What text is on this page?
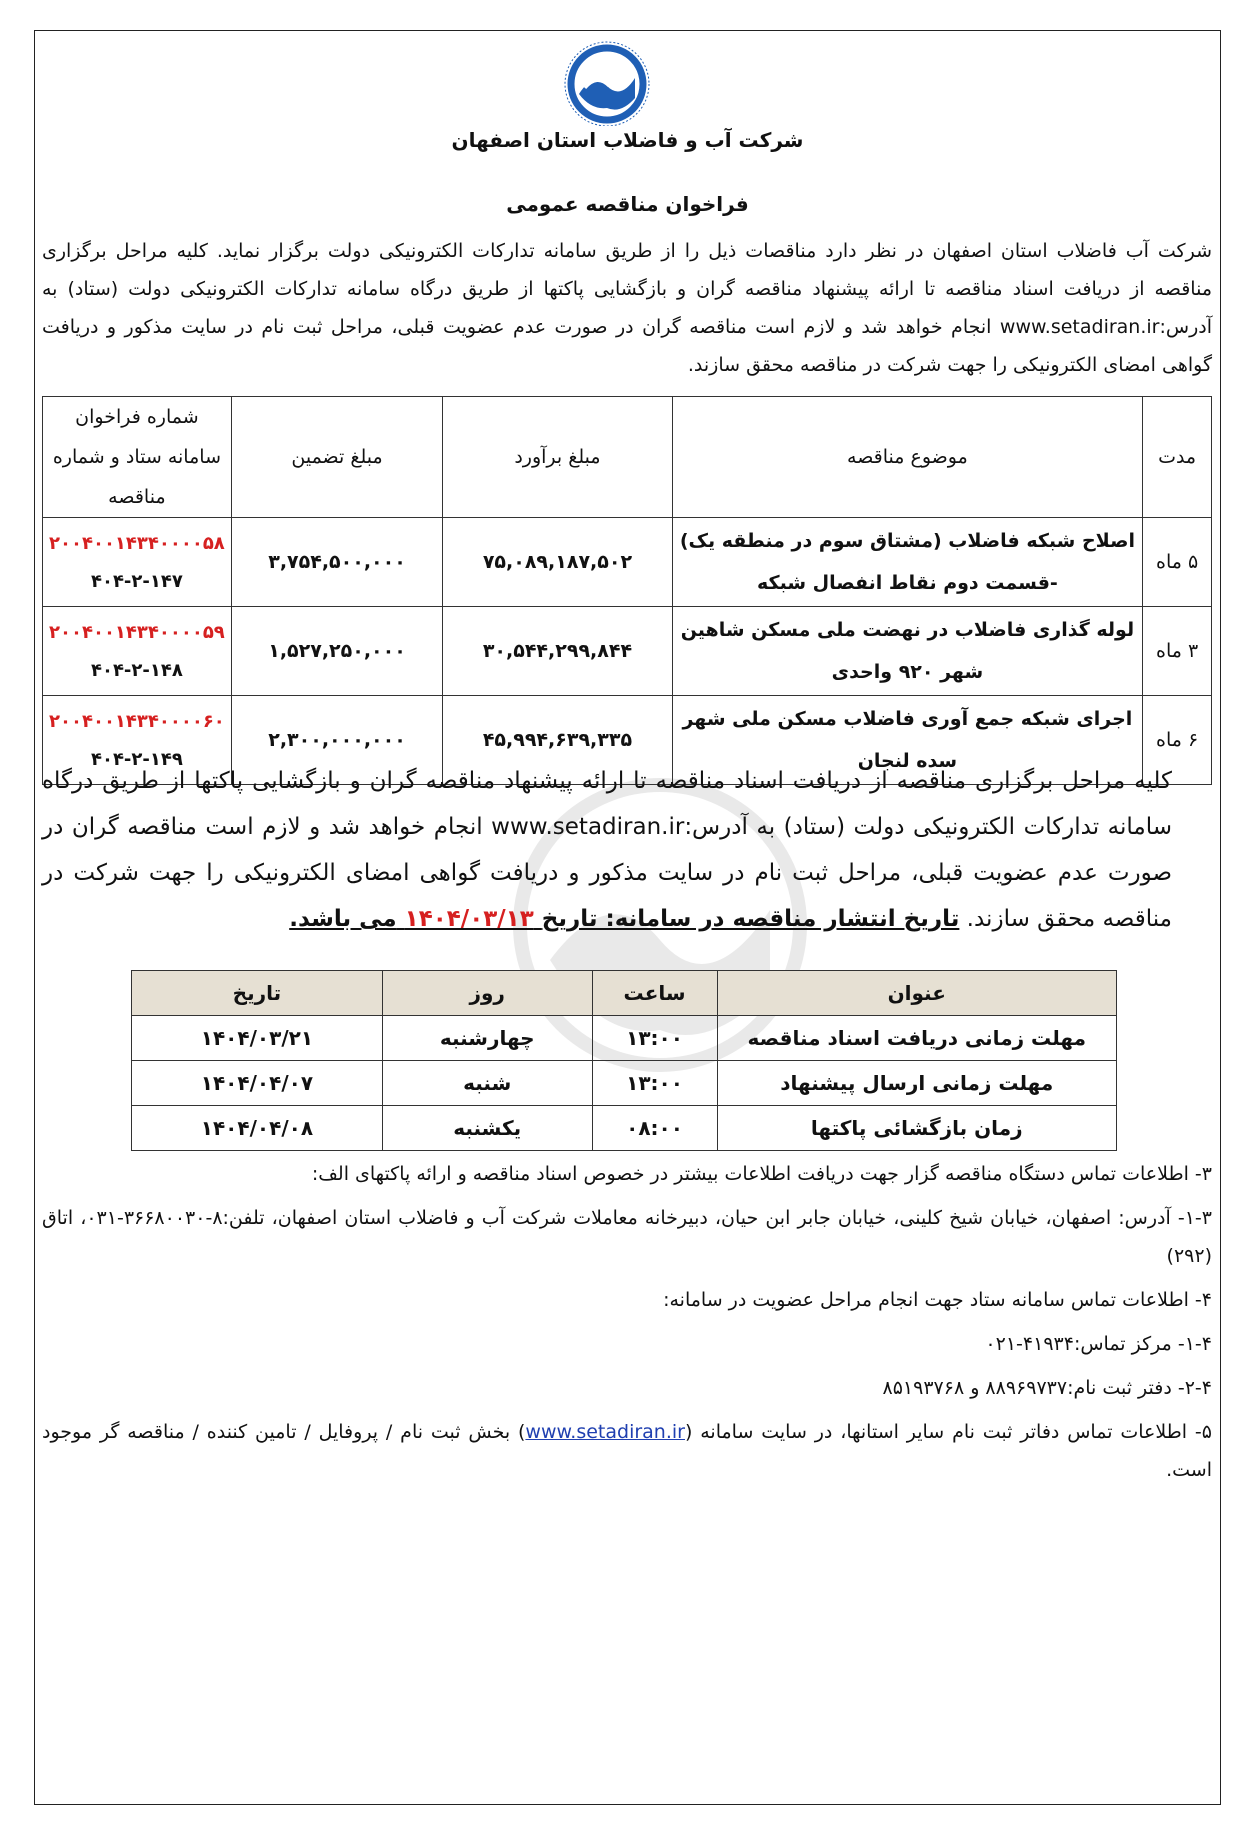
شرکت آب و فاضلاب استان اصفهان
فراخوان مناقصه عمومی
شرکت آب فاضلاب استان اصفهان در نظر دارد مناقصات ذیل را از طریق سامانه تدارکات الکترونیکی دولت برگزار نماید. کلیه مراحل برگزاری مناقصه از دریافت اسناد مناقصه تا ارائه پیشنهاد مناقصه گران و بازگشایی پاکتها از طریق درگاه سامانه تدارکات الکترونیکی دولت (ستاد) به آدرس:www.setadiran.ir انجام خواهد شد و لازم است مناقصه گران در صورت عدم عضویت قبلی، مراحل ثبت نام در سایت مذکور و دریافت گواهی امضای الکترونیکی را جهت شرکت در مناقصه محقق سازند.
مدت	موضوع مناقصه	مبلغ برآورد	مبلغ تضمین	شماره فراخوان سامانه ستاد و شماره مناقصه
۵ ماه	اصلاح شبکه فاضلاب (مشتاق سوم در منطقه یک) -قسمت دوم نقاط انفصال شبکه	۷۵,۰۸۹,۱۸۷,۵۰۲	۳,۷۵۴,۵۰۰,۰۰۰	۲۰۰۴۰۰۱۴۳۴۰۰۰۰۵۸
۴۰۴-۲-۱۴۷

۳ ماه	لوله گذاری فاضلاب در نهضت ملی مسکن شاهین شهر ۹۲۰ واحدی	۳۰,۵۴۴,۲۹۹,۸۴۴	۱,۵۲۷,۲۵۰,۰۰۰	۲۰۰۴۰۰۱۴۳۴۰۰۰۰۵۹
۴۰۴-۲-۱۴۸

۶ ماه	اجرای شبکه جمع آوری فاضلاب مسکن ملی شهر سده لنجان	۴۵,۹۹۴,۶۳۹,۳۳۵	۲,۳۰۰,۰۰۰,۰۰۰	۲۰۰۴۰۰۱۴۳۴۰۰۰۰۶۰
۴۰۴-۲-۱۴۹
کلیه مراحل برگزاری مناقصه از دریافت اسناد مناقصه تا ارائه پیشنهاد مناقصه گران و بازگشایی پاکتها از طریق درگاه سامانه تدارکات الکترونیکی دولت (ستاد) به آدرس:www.setadiran.ir انجام خواهد شد و لازم است مناقصه گران در صورت عدم عضویت قبلی، مراحل ثبت نام در سایت مذکور و دریافت گواهی امضای الکترونیکی را جهت شرکت در مناقصه محقق سازند. تاریخ انتشار مناقصه در سامانه: تاریخ ۱۴۰۴/۰۳/۱۳ می باشد.
عنوان	ساعت	روز	تاریخ
مهلت زمانی دریافت اسناد مناقصه	۱۳:۰۰	چهارشنبه	۱۴۰۴/۰۳/۲۱
مهلت زمانی ارسال پیشنهاد	۱۳:۰۰	شنبه	۱۴۰۴/۰۴/۰۷
زمان بازگشائی پاکتها	۰۸:۰۰	یکشنبه	۱۴۰۴/۰۴/۰۸

۳- اطلاعات تماس دستگاه مناقصه گزار جهت دریافت اطلاعات بیشتر در خصوص اسناد مناقصه و ارائه پاکتهای الف:

۱-۳- آدرس: اصفهان، خیابان شیخ کلینی، خیابان جابر ابن حیان، دبیرخانه معاملات شرکت آب و فاضلاب استان اصفهان، تلفن:۸-۳۶۶۸۰۰۳۰-۰۳۱، اتاق (۲۹۲)

۴- اطلاعات تماس سامانه ستاد جهت انجام مراحل عضویت در سامانه:

۱-۴- مرکز تماس:۴۱۹۳۴-۰۲۱

۲-۴- دفتر ثبت نام:۸۸۹۶۹۷۳۷ و ۸۵۱۹۳۷۶۸

۵- اطلاعات تماس دفاتر ثبت نام سایر استانها، در سایت سامانه (www.setadiran.ir) بخش ثبت نام / پروفایل / تامین کننده / مناقصه گر موجود است.
